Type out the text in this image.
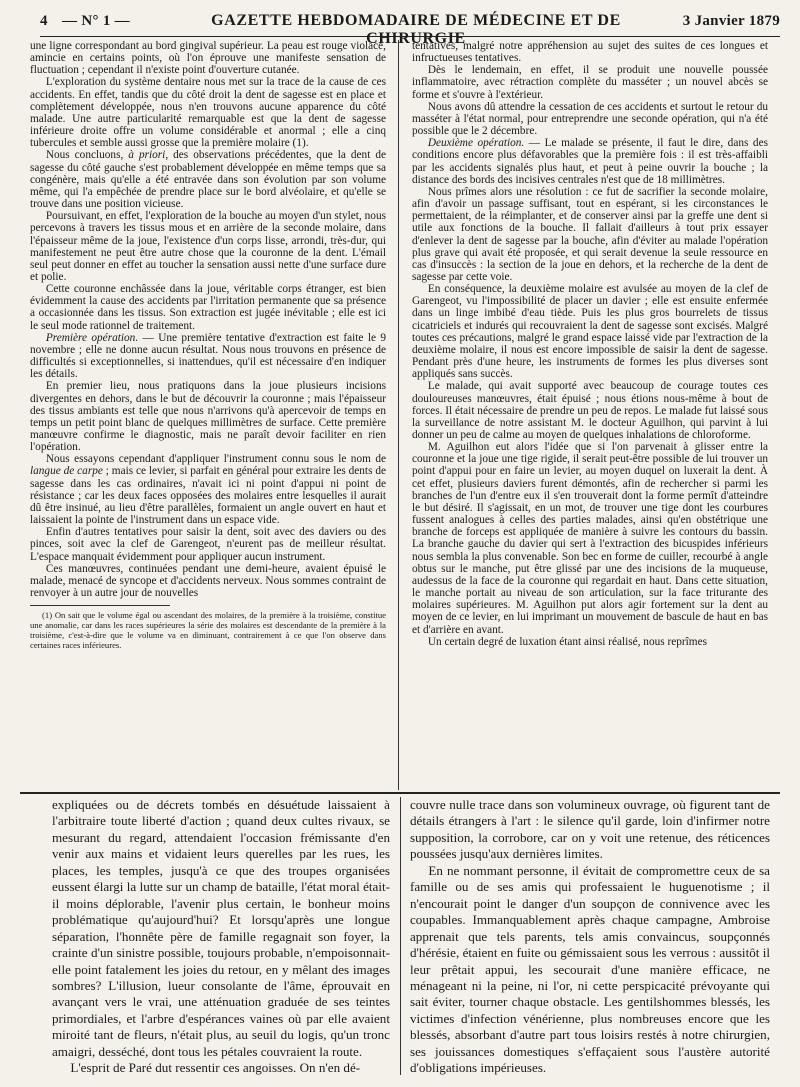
4 — N° 1 —	GAZETTE HEBDOMADAIRE DE MÉDECINE ET DE CHIRURGIE
3 Janvier 1879

une ligne correspondant au bord gingival supérieur. La peau est rouge violacé, amincie en certains points, où l'on éprouve une manifeste sensation de fluctuation ; cependant il n'existe point d'ouverture cutanée.

L'exploration du système dentaire nous met sur la trace de la cause de ces accidents. En effet, tandis que du côté droit la dent de sagesse est en place et complètement développée, nous n'en trouvons aucune apparence du côté malade. Une autre particularité remarquable est que la dent de sagesse inférieure droite offre un volume considérable et anormal ; elle a cinq tubercules et semble aussi grosse que la première molaire (1).

Nous concluons, à priori, des observations précédentes, que la dent de sagesse du côté gauche s'est probablement développée en même temps que sa congénère, mais qu'elle a été entravée dans son évolution par son volume même, qui l'a empêchée de prendre place sur le bord alvéolaire, et qu'elle se trouve dans une position vicieuse.

Poursuivant, en effet, l'exploration de la bouche au moyen d'un stylet, nous percevons à travers les tissus mous et en arrière de la seconde molaire, dans l'épaisseur même de la joue, l'existence d'un corps lisse, arrondi, très-dur, qui manifestement ne peut être autre chose que la couronne de la dent. L'émail seul peut donner en effet au toucher la sensation aussi nette d'une surface dure et polie.

Cette couronne enchâssée dans la joue, véritable corps étranger, est bien évidemment la cause des accidents par l'irritation permanente que sa présence a occasionnée dans les tissus. Son extraction est jugée inévitable ; elle est ici le seul mode rationnel de traitement.

Première opération. — Une première tentative d'extraction est faite le 9 novembre ; elle ne donne aucun résultat. Nous nous trouvons en présence de difficultés si exceptionnelles, si inattendues, qu'il est nécessaire d'en indiquer les détails.

En premier lieu, nous pratiquons dans la joue plusieurs incisions divergentes en dehors, dans le but de découvrir la couronne ; mais l'épaisseur des tissus ambiants est telle que nous n'arrivons qu'à apercevoir de temps en temps un petit point blanc de quelques millimètres de surface. Cette première manœuvre confirme le diagnostic, mais ne paraît devoir faciliter en rien l'opération.

Nous essayons cependant d'appliquer l'instrument connu sous le nom de langue de carpe ; mais ce levier, si parfait en général pour extraire les dents de sagesse dans les cas ordinaires, n'avait ici ni point d'appui ni point de résistance ; car les deux faces opposées des molaires entre lesquelles il aurait dû être insinué, au lieu d'être parallèles, formaient un angle ouvert en haut et laissaient la pointe de l'instrument dans un espace vide.

Enfin d'autres tentatives pour saisir la dent, soit avec des daviers ou des pinces, soit avec la clef de Garengeot, n'eurent pas de meilleur résultat. L'espace manquait évidemment pour appliquer aucun instrument.

Ces manœuvres, continuées pendant une demi-heure, avaient épuisé le malade, menacé de syncope et d'accidents nerveux. Nous sommes contraint de renvoyer à un autre jour de nouvelles

(1) On sait que le volume égal ou ascendant des molaires, de la première à la troisième, constitue une anomalie, car dans les races supérieures la série des molaires est descendante de la première à la troisième, c'est-à-dire que le volume va en diminuant, contrairement à ce que l'on observe dans certaines races inférieures.

tentatives, malgré notre appréhension au sujet des suites de ces longues et infructueuses tentatives.

Dès le lendemain, en effet, il se produit une nouvelle poussée inflammatoire, avec rétraction complète du masséter ; un nouvel abcès se forme et s'ouvre à l'extérieur.

Nous avons dû attendre la cessation de ces accidents et surtout le retour du masséter à l'état normal, pour entreprendre une seconde opération, qui n'a été possible que le 2 décembre.

Deuxième opération. — Le malade se présente, il faut le dire, dans des conditions encore plus défavorables que la première fois : il est très-affaibli par les accidents signalés plus haut, et peut à peine ouvrir la bouche ; la distance des bords des incisives centrales n'est que de 18 millimètres.

Nous prîmes alors une résolution : ce fut de sacrifier la seconde molaire, afin d'avoir un passage suffisant, tout en espérant, si les circonstances le permettaient, de la réimplanter, et de conserver ainsi par la greffe une dent si utile aux fonctions de la bouche. Il fallait d'ailleurs à tout prix essayer d'enlever la dent de sagesse par la bouche, afin d'éviter au malade l'opération plus grave qui avait été proposée, et qui serait devenue la seule ressource en cas d'insuccès : la section de la joue en dehors, et la recherche de la dent de sagesse par cette voie.

En conséquence, la deuxième molaire est avulsée au moyen de la clef de Garengeot, vu l'impossibilité de placer un davier ; elle est ensuite enfermée dans un linge imbibé d'eau tiède. Puis les plus gros bourrelets de tissus cicatriciels et indurés qui recouvraient la dent de sagesse sont excisés. Malgré toutes ces précautions, malgré le grand espace laissé vide par l'extraction de la deuxième molaire, il nous est encore impossible de saisir la dent de sagesse. Pendant près d'une heure, les instruments de formes les plus diverses sont appliqués sans succès.

Le malade, qui avait supporté avec beaucoup de courage toutes ces douloureuses manœuvres, était épuisé ; nous étions nous-même à bout de forces. Il était nécessaire de prendre un peu de repos. Le malade fut laissé sous la surveillance de notre assistant M. le docteur Aguilhon, qui parvint à lui donner un peu de calme au moyen de quelques inhalations de chloroforme.

M. Aguilhon eut alors l'idée que si l'on parvenait à glisser entre la couronne et la joue une tige rigide, il serait peut-être possible de lui trouver un point d'appui pour en faire un levier, au moyen duquel on luxerait la dent. À cet effet, plusieurs daviers furent démontés, afin de rechercher si parmi les branches de l'un d'entre eux il s'en trouverait dont la forme permît d'atteindre le but désiré. Il s'agissait, en un mot, de trouver une tige dont les courbures fussent analogues à celles des parties malades, ainsi qu'en obstétrique une branche de forceps est appliquée de manière à suivre les contours du bassin. La branche gauche du davier qui sert à l'extraction des bicuspides inférieurs nous sembla la plus convenable. Son bec en forme de cuiller, recourbé à angle obtus sur le manche, put être glissé par une des incisions de la muqueuse, audessus de la face de la couronne qui regardait en haut. Dans cette situation, le manche portait au niveau de son articulation, sur la face triturante des molaires supérieures. M. Aguilhon put alors agir fortement sur la dent au moyen de ce levier, en lui imprimant un mouvement de bascule de haut en bas et d'arrière en avant.

Un certain degré de luxation étant ainsi réalisé, nous reprîmes

expliquées ou de décrets tombés en désuétude laissaient à l'arbitraire toute liberté d'action ; quand deux cultes rivaux, se mesurant du regard, attendaient l'occasion frémissante d'en venir aux mains et vidaient leurs querelles par les rues, les places, les temples, jusqu'à ce que des troupes organisées eussent élargi la lutte sur un champ de bataille, l'état moral était-il moins déplorable, l'avenir plus certain, le bonheur moins problématique qu'aujourd'hui? Et lorsqu'après une longue séparation, l'honnête père de famille regagnait son foyer, la crainte d'un sinistre possible, toujours probable, n'empoisonnait-elle point fatalement les joies du retour, en y mêlant des images sombres? L'illusion, lueur consolante de l'âme, éprouvait en avançant vers le vrai, une atténuation graduée de ses teintes primordiales, et l'arbre d'espérances vaines où par elle avaient miroité tant de fleurs, n'était plus, au seuil du logis, qu'un tronc amaigri, desséché, dont tous les pétales couvraient la route.

L'esprit de Paré dut ressentir ces angoisses. On n'en dé-

couvre nulle trace dans son volumineux ouvrage, où figurent tant de détails étrangers à l'art : le silence qu'il garde, loin d'infirmer notre supposition, la corrobore, car on y voit une retenue, des réticences poussées jusqu'aux dernières limites.

En ne nommant personne, il évitait de compromettre ceux de sa famille ou de ses amis qui professaient le huguenotisme ; il n'encourait point le danger d'un soupçon de connivence avec les coupables. Immanquablement après chaque campagne, Ambroise apprenait que tels parents, tels amis convaincus, soupçonnés d'hérésie, étaient en fuite ou gémissaient sous les verrous : aussitôt il leur prêtait appui, les secourait d'une manière efficace, ne ménageant ni la peine, ni l'or, ni cette perspicacité prévoyante qui sait éviter, tourner chaque obstacle. Les gentilshommes blessés, les victimes d'infection vénérienne, plus nombreuses encore que les blessés, absorbant d'autre part tous loisirs restés à notre chirurgien, ses jouissances domestiques s'effaçaient sous l'austère autorité d'obligations impérieuses.
